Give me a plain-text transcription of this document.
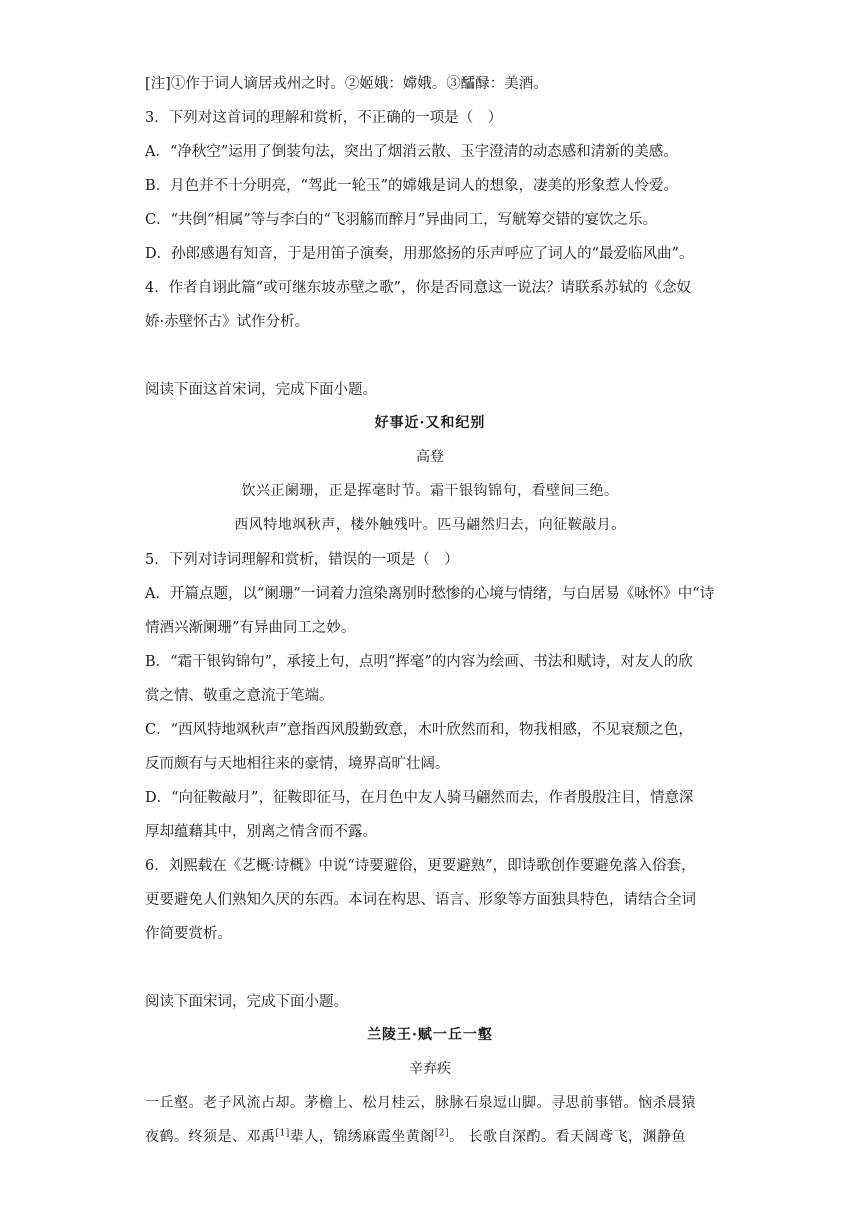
[注]①作于词人谪居戎州之时。②姬娥：嫦娥。③醽醁：美酒。
3．下列对这首词的理解和赏析，不正确的一项是（　）
A．“净秋空”运用了倒装句法，突出了烟消云散、玉宇澄清的动态感和清新的美感。
B．月色并不十分明亮，“驾此一轮玉”的嫦娥是词人的想象，凄美的形象惹人怜爱。
C．“共倒“相属”等与李白的“飞羽觞而醉月”异曲同工，写觥筹交错的宴饮之乐。
D．孙郎感遇有知音，于是用笛子演奏，用那悠扬的乐声呼应了词人的“最爱临风曲”。
4．作者自诩此篇“或可继东坡赤壁之歌”，你是否同意这一说法？请联系苏轼的《念奴
娇·赤壁怀古》试作分析。
阅读下面这首宋词，完成下面小题。
好事近·又和纪别
高登
饮兴正阑珊，正是挥毫时节。霜干银钩锦句，看壁间三绝。
西风特地飒秋声，楼外触残叶。匹马翩然归去，向征鞍敲月。
5．下列对诗词理解和赏析，错误的一项是（　）
A．开篇点题，以“阑珊”一词着力渲染离别时愁惨的心境与情绪，与白居易《咏怀》中“诗
情酒兴渐阑珊”有异曲同工之妙。
B．“霜干银钩锦句”，承接上句，点明“挥毫”的内容为绘画、书法和赋诗，对友人的欣
赏之情、敬重之意流于笔端。
C．“西风特地飒秋声”意指西风殷勤致意，木叶欣然而和，物我相感，不见衰颓之色，
反而颇有与天地相往来的豪情，境界高旷壮阔。
D．“向征鞍敲月”，征鞍即征马，在月色中友人骑马翩然而去，作者殷殷注目，情意深
厚却蕴藉其中，别离之情含而不露。
6．刘熙载在《艺概·诗概》中说“诗要避俗，更要避熟”，即诗歌创作要避免落入俗套，
更要避免人们熟知久厌的东西。本词在构思、语言、形象等方面独具特色，请结合全词
作简要赏析。
阅读下面宋词，完成下面小题。
兰陵王·赋一丘一壑
辛弃疾
一丘壑。老子风流占却。茅檐上、松月桂云，脉脉石泉逗山脚。寻思前事错。恼杀晨猿
夜鹤。终须是、邓禹[1]辈人，锦绣麻霞坐黄阁[2]。 长歌自深酌。看天阔鸢飞，渊静鱼
